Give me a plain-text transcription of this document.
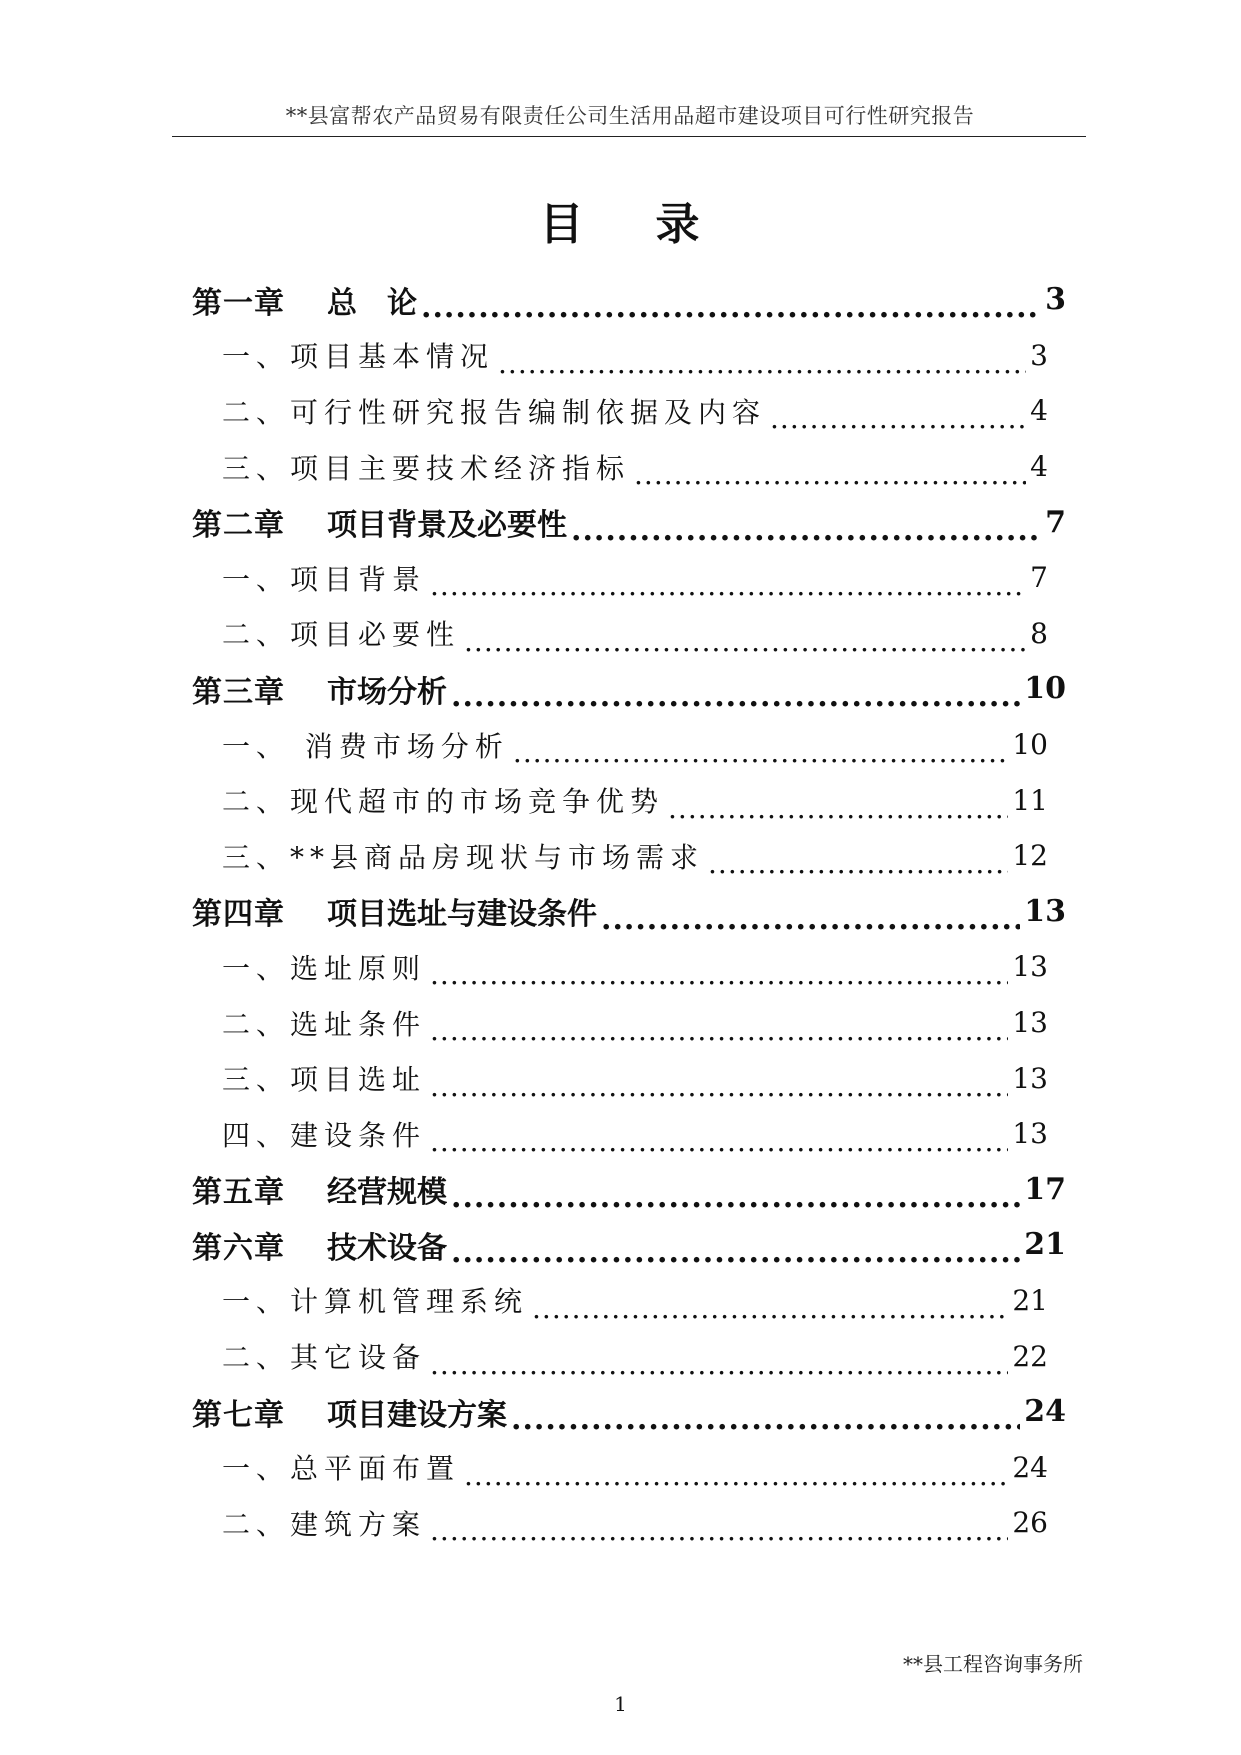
**县富帮农产品贸易有限责任公司生活用品超市建设项目可行性研究报告
目 录
第一章 总　论 .....	3
一、项目基本情况 .....	3
二、可行性研究报告编制依据及内容 .....	4
三、项目主要技术经济指标 .....	4
第二章 项目背景及必要性 .....	7
一、项目背景 .....	7
二、项目必要性 .....	8
第三章 市场分析 .....	10
一、 消费市场分析 .....	10
二、现代超市的市场竞争优势 .....	11
三、**县商品房现状与市场需求 .....	12
第四章 项目选址与建设条件 .....	13
一、选址原则 .....	13
二、选址条件 .....	13
三、项目选址 .....	13
四、建设条件 .....	13
第五章 经营规模 .....	17
第六章 技术设备 .....	21
一、计算机管理系统 .....	21
二、其它设备 .....	22
第七章 项目建设方案 .....	24
一、总平面布置 .....	24
二、建筑方案 .....	26
**县工程咨询事务所
1
